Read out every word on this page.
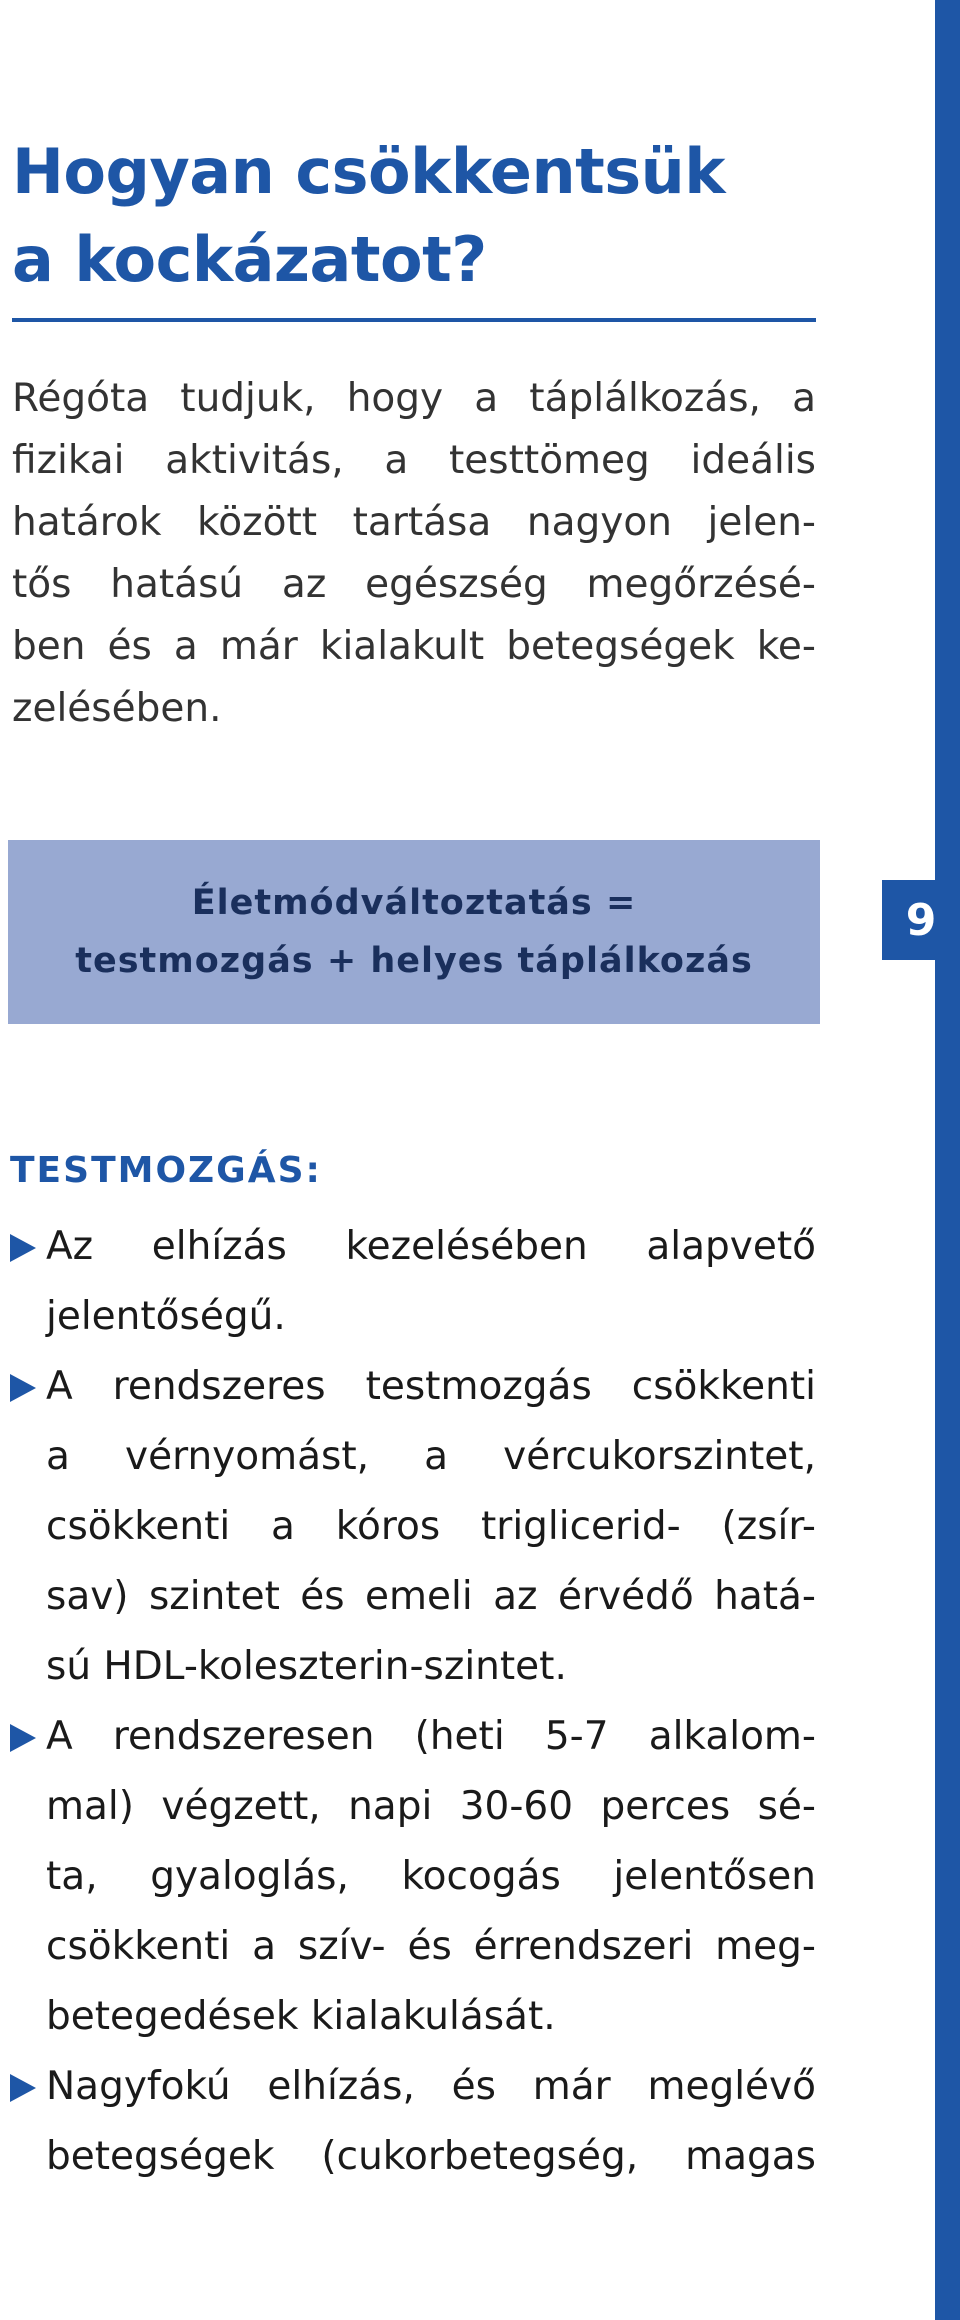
9
Hogyan csökkentsük
a kockázatot?
Régóta tudjuk, hogy a táplálkozás, a
fizikai aktivitás, a testtömeg ideális
határok között tartása nagyon jelen-
tős hatású az egészség megőrzésé-
ben és a már kialakult betegségek ke-
zelésében.
Életmódváltoztatás =
testmozgás + helyes táplálkozás
TESTMOZGÁS:
Az elhízás kezelésében alapvető
jelentőségű.
A rendszeres testmozgás csökkenti
a vérnyomást, a vércukorszintet,
csökkenti a kóros triglicerid- (zsír-
sav) szintet és emeli az érvédő hatá-
sú HDL-koleszterin-szintet.
A rendszeresen (heti 5-7 alkalom-
mal) végzett, napi 30-60 perces sé-
ta, gyaloglás, kocogás jelentősen
csökkenti a szív- és érrendszeri meg-
betegedések kialakulását.
Nagyfokú elhízás, és már meglévő
betegségek (cukorbetegség, magas
